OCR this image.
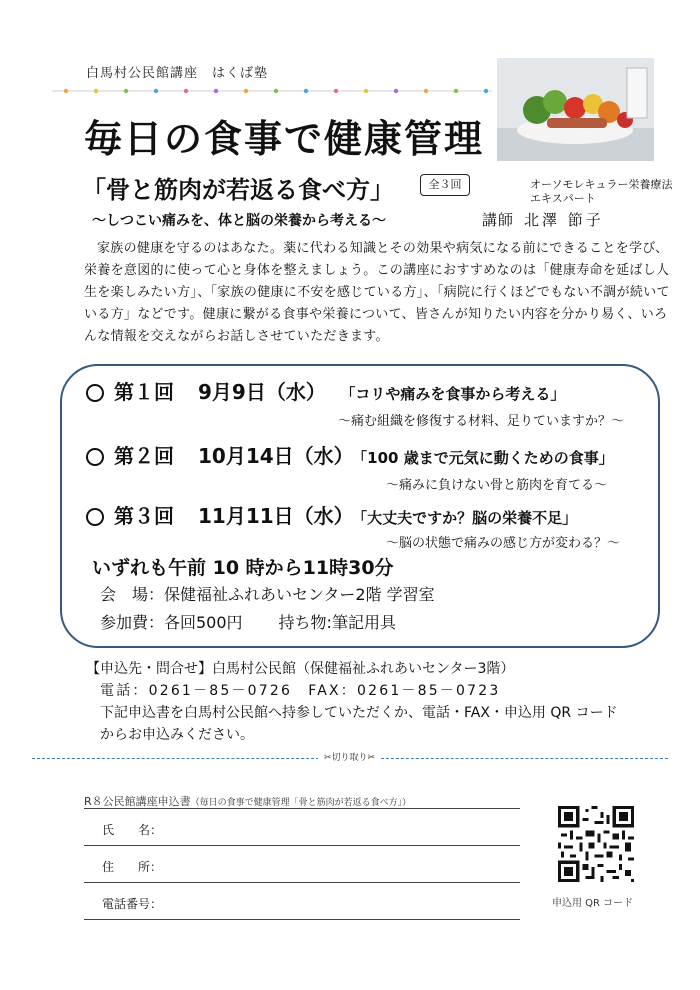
白馬村公民館講座　はくば塾
毎日の食事で健康管理
「骨と筋肉が若返る食べ方」	全３回	オーソモレキュラー栄養療法
エキスパート
～しつこい痛みを、体と脳の栄養から考える～	講師 北澤 節子

家族の健康を守るのはあなた。薬に代わる知識とその効果や病気になる前にできることを学び、栄養を意図的に使って心と身体を整えましょう。この講座におすすめなのは「健康寿命を延ばし人生を楽しみたい方」、「家族の健康に不安を感じている方」、「病院に行くほどでもない不調が続いている方」などです。健康に繋がる食事や栄養について、皆さんが知りたい内容を分かり易く、いろんな情報を交えながらお話しさせていただきます。

第１回 9月9日（水） 「コリや痛みを食事から考える」
～痛む組織を修復する材料、足りていますか？～
第２回 10月14日（水） 「100 歳まで元気に動くための食事」
～痛みに負けない骨と筋肉を育てる～
第３回 11月11日（水） 「大丈夫ですか？脳の栄養不足」
～脳の状態で痛みの感じ方が変わる？～
いずれも午前 10 時から11時30分
会　場：保健福祉ふれあいセンター2階 学習室
参加費：各回500円 持ち物:筆記用具
【申込先・問合せ】白馬村公民館（保健福祉ふれあいセンター3階）
電話：0261－85－0726　FAX：0261－85－0723
下記申込書を白馬村公民館へ持参していただくか、電話・FAX・申込用 QR コード
からお申込みください。
✂切り取り✂
R８公民館講座申込書（毎日の食事で健康管理「骨と筋肉が若返る食べ方」）
氏　　名：
住　　所：
電話番号：	申込用 QR コード
